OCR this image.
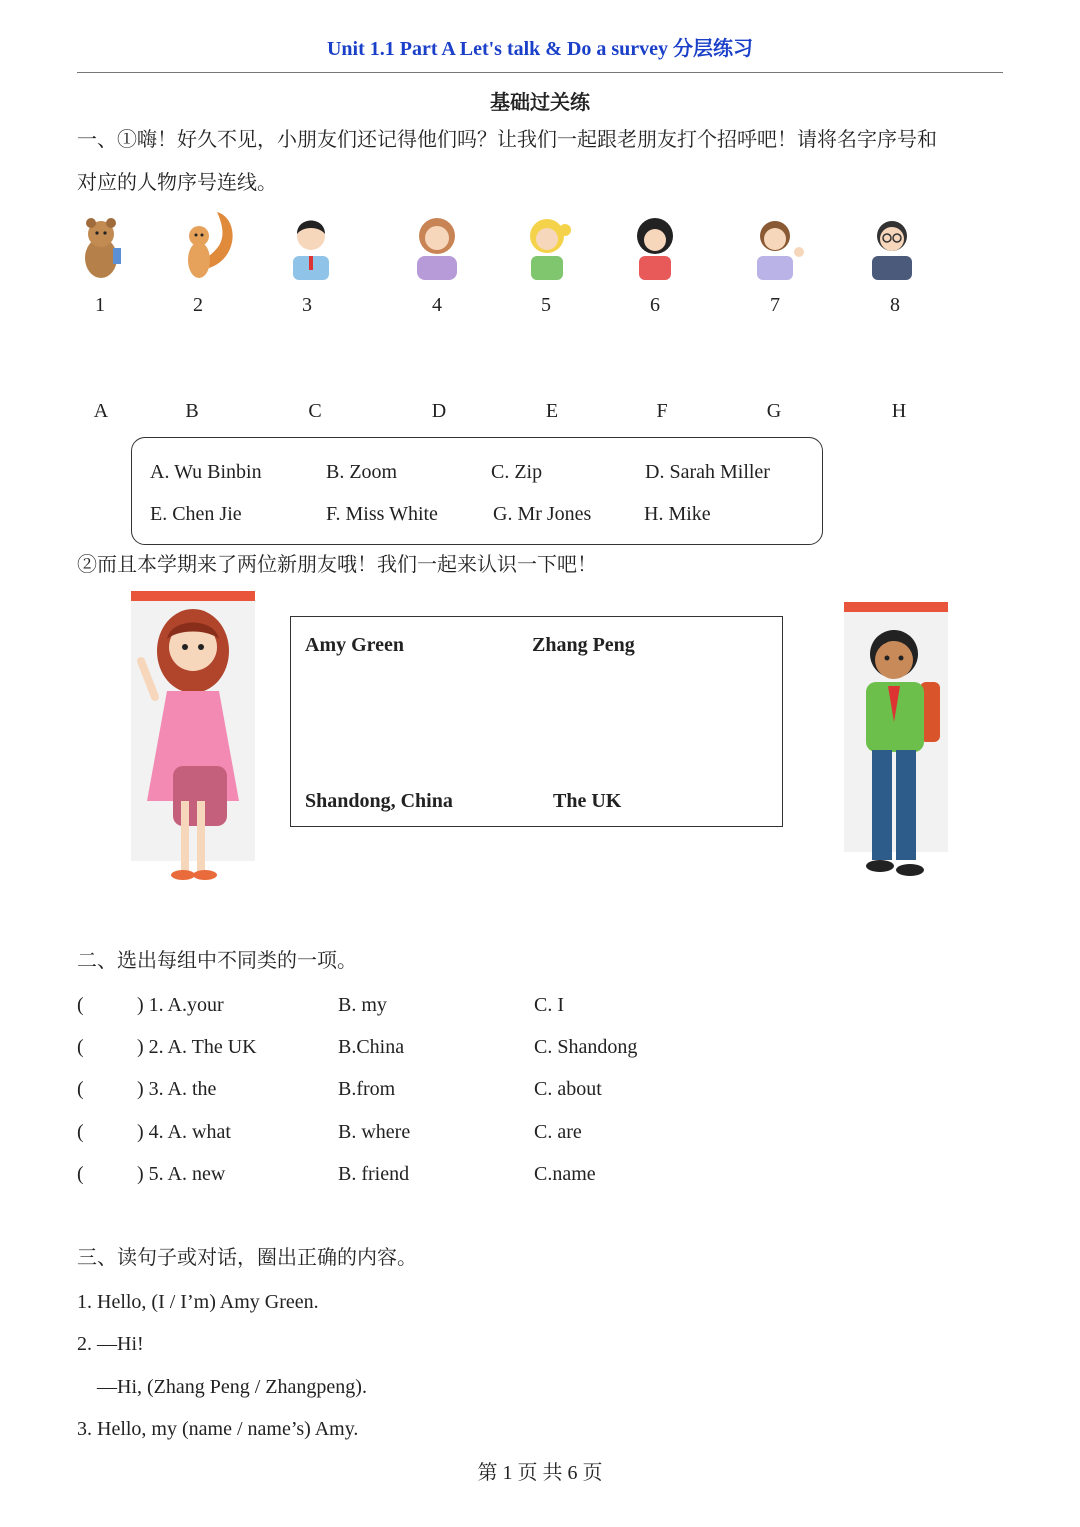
Unit 1.1 Part A Let's talk & Do a survey 分层练习
基础过关练
一、①嗨！好久不见，小朋友们还记得他们吗？让我们一起跟老朋友打个招呼吧！请将名字序号和
对应的人物序号连线。
1	2	3	4	5	6	7	8
A	B	C	D	E	F	G	H
A. Wu Binbin	B. Zoom	C. Zip	D. Sarah Miller
E. Chen Jie	F. Miss White	G. Mr Jones	H. Mike
②而且本学期来了两位新朋友哦！我们一起来认识一下吧！
Amy Green	Zhang Peng
Shandong, China	The UK
二、选出每组中不同类的一项。
(	) 1. A.your	B. my	C. I
(	) 2. A. The UK	B.China	C. Shandong
(	) 3. A. the	B.from	C. about
(	) 4. A. what	B. where	C. are
(	) 5. A. new	B. friend	C.name
三、读句子或对话，圈出正确的内容。
1. Hello, (I / I’m) Amy Green.
2. —Hi!
—Hi, (Zhang Peng / Zhangpeng).
3. Hello, my (name / name’s) Amy.
第 1 页 共 6 页
